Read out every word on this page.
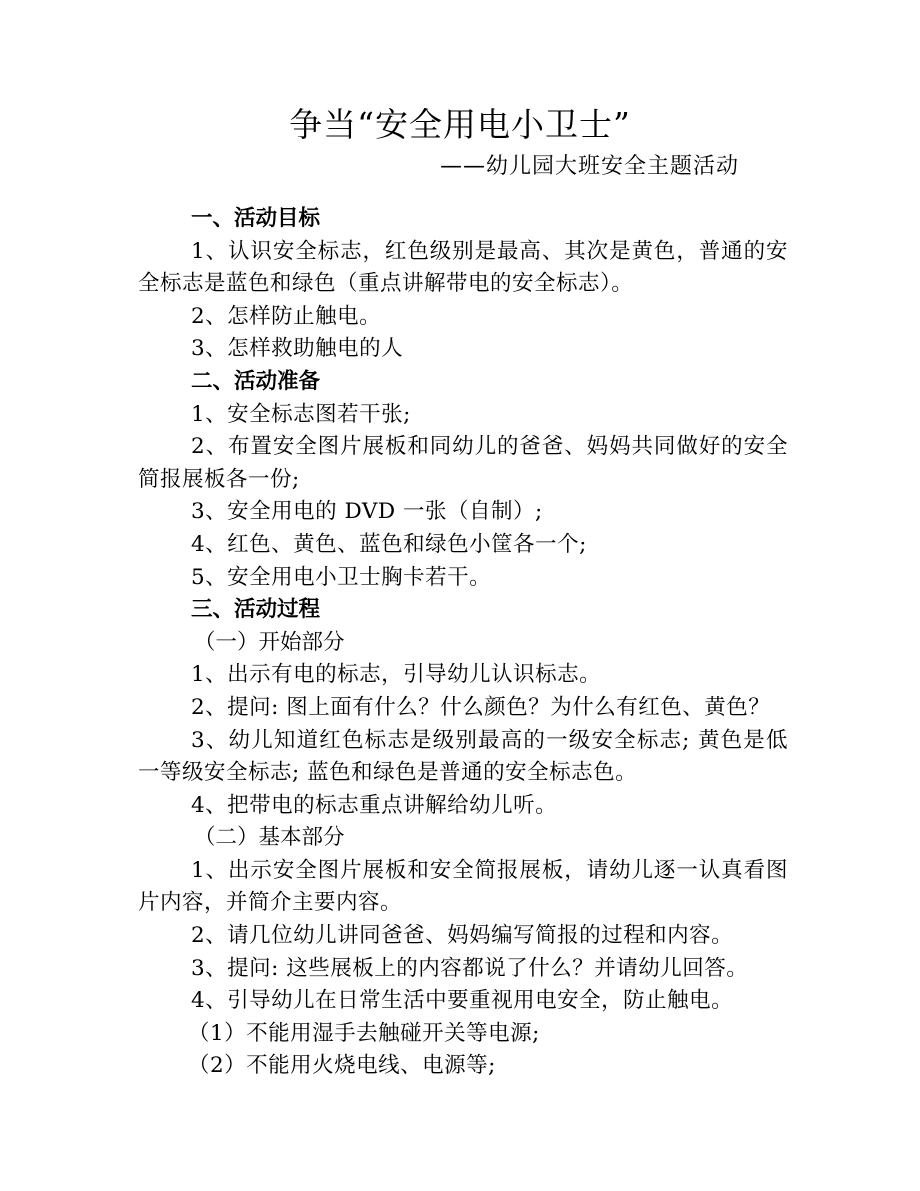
争当“安全用电小卫士”
——幼儿园大班安全主题活动

一、活动目标

1、认识安全标志，红色级别是最高、其次是黄色，普通的安全标志是蓝色和绿色（重点讲解带电的安全标志）。

2、怎样防止触电。

3、怎样救助触电的人

二、活动准备

1、安全标志图若干张;

2、布置安全图片展板和同幼儿的爸爸、妈妈共同做好的安全简报展板各一份;

3、安全用电的 DVD 一张（自制）;

4、红色、黄色、蓝色和绿色小筐各一个;

5、安全用电小卫士胸卡若干。

三、活动过程

（一）开始部分

1、出示有电的标志，引导幼儿认识标志。

2、提问: 图上面有什么？什么颜色？为什么有红色、黄色？

3、幼儿知道红色标志是级别最高的一级安全标志; 黄色是低一等级安全标志; 蓝色和绿色是普通的安全标志色。

4、把带电的标志重点讲解给幼儿听。

（二）基本部分

1、出示安全图片展板和安全简报展板，请幼儿逐一认真看图片内容，并简介主要内容。

2、请几位幼儿讲同爸爸、妈妈编写简报的过程和内容。

3、提问: 这些展板上的内容都说了什么？并请幼儿回答。

4、引导幼儿在日常生活中要重视用电安全，防止触电。

（1）不能用湿手去触碰开关等电源;

（2）不能用火烧电线、电源等;
